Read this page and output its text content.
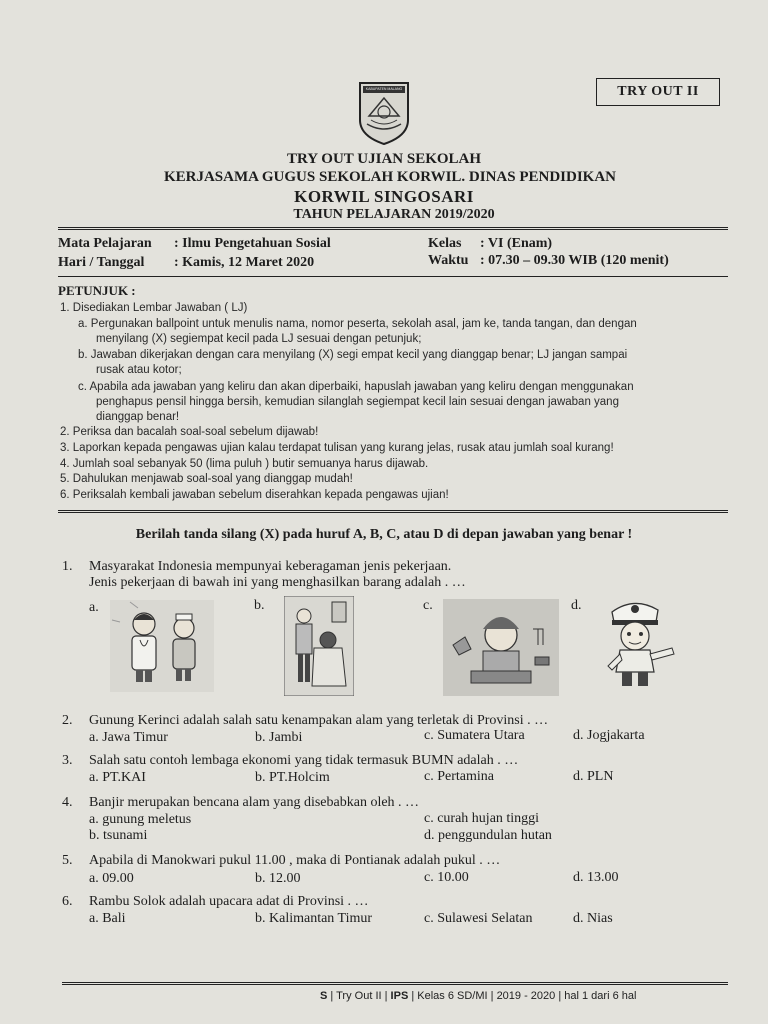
KABUPATEN MALANG	TRY OUT II
TRY OUT UJIAN SEKOLAH
KERJASAMA GUGUS SEKOLAH KORWIL. DINAS PENDIDIKAN
KORWIL SINGOSARI
TAHUN PELAJARAN 2019/2020
Mata Pelajaran : Ilmu Pengetahuan Sosial
Hari / Tanggal : Kamis, 12 Maret 2020
Kelas : VI (Enam)
Waktu : 07.30 – 09.30 WIB (120 menit)
PETUNJUK :
1. Disediakan Lembar Jawaban ( LJ)
a. Pergunakan ballpoint untuk menulis nama, nomor peserta, sekolah asal, jam ke, tanda tangan, dan dengan
menyilang (X) segiempat kecil pada LJ sesuai dengan petunjuk;
b. Jawaban dikerjakan dengan cara menyilang (X) segi empat kecil yang dianggap benar; LJ jangan sampai
rusak atau kotor;
c. Apabila ada jawaban yang keliru dan akan diperbaiki, hapuslah jawaban yang keliru dengan menggunakan
penghapus pensil hingga bersih, kemudian silanglah segiempat kecil lain sesuai dengan jawaban yang
dianggap benar!
2. Periksa dan bacalah soal-soal sebelum dijawab!
3. Laporkan kepada pengawas ujian kalau terdapat tulisan yang kurang jelas, rusak atau jumlah soal kurang!
4. Jumlah soal sebanyak 50 (lima puluh ) butir semuanya harus dijawab.
5. Dahulukan menjawab soal-soal yang dianggap mudah!
6. Periksalah kembali jawaban sebelum diserahkan kepada pengawas ujian!
Berilah tanda silang (X) pada huruf A, B, C, atau D di depan jawaban yang benar !
1. Masyarakat Indonesia mempunyai keberagaman jenis pekerjaan.
Jenis pekerjaan di bawah ini yang menghasilkan barang adalah . …
a.	b.	c.	d.
2. Gunung Kerinci adalah salah satu kenampakan alam yang terletak di Provinsi . …
a. Jawa Timur	b. Jambi	c. Sumatera Utara	d. Jogjakarta
3. Salah satu contoh lembaga ekonomi yang tidak termasuk BUMN adalah . …
a. PT.KAI	b. PT.Holcim	c. Pertamina	d. PLN
4. Banjir merupakan bencana alam yang disebabkan oleh . …
a. gunung meletus
b. tsunami
c. curah hujan tinggi
d. penggundulan hutan
5. Apabila di Manokwari pukul 11.00 , maka di Pontianak adalah pukul . …
a. 09.00	b. 12.00	c. 10.00	d. 13.00
6. Rambu Solok adalah upacara adat di Provinsi . …
a. Bali	b. Kalimantan Timur	c. Sulawesi Selatan	d. Nias
S | Try Out II | IPS | Kelas 6 SD/MI | 2019 - 2020 | hal 1 dari 6 hal
